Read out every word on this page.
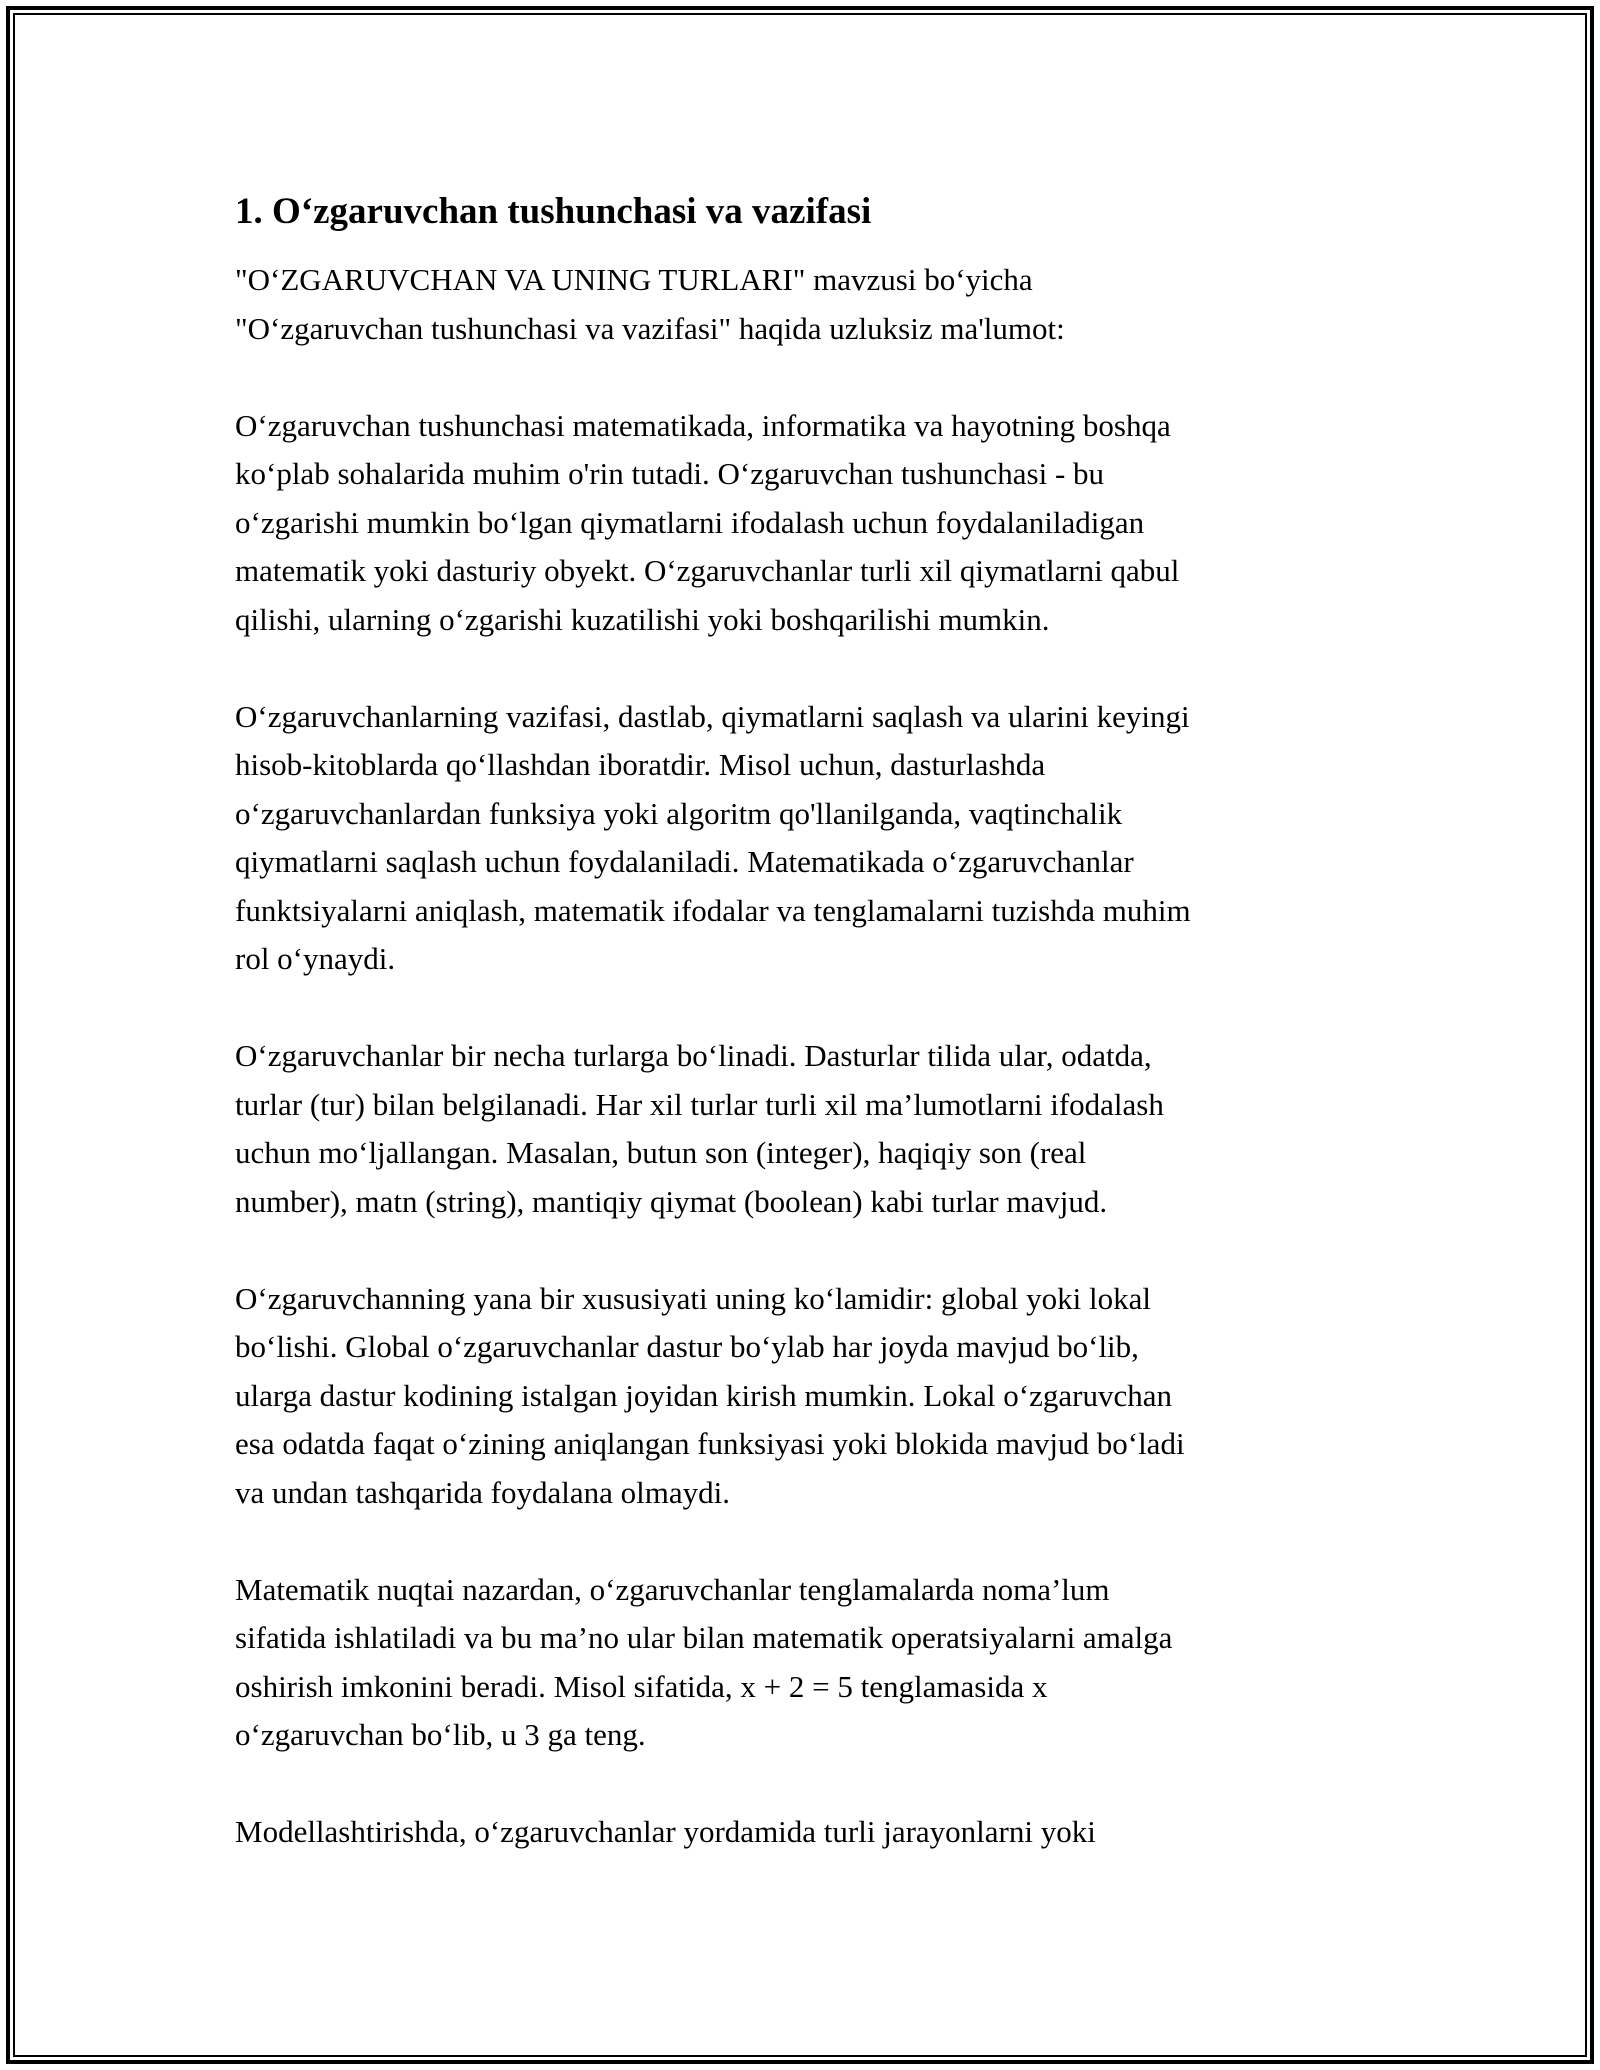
1. O‘zgaruvchan tushunchasi va vazifasi
"O‘ZGARUVCHAN VA UNING TURLARI" mavzusi bo‘yicha
"O‘zgaruvchan tushunchasi va vazifasi" haqida uzluksiz ma'lumot:
O‘zgaruvchan tushunchasi matematikada, informatika va hayotning boshqa
ko‘plab sohalarida muhim o'rin tutadi. O‘zgaruvchan tushunchasi - bu
o‘zgarishi mumkin bo‘lgan qiymatlarni ifodalash uchun foydalaniladigan
matematik yoki dasturiy obyekt. O‘zgaruvchanlar turli xil qiymatlarni qabul
qilishi, ularning o‘zgarishi kuzatilishi yoki boshqarilishi mumkin.
O‘zgaruvchanlarning vazifasi, dastlab, qiymatlarni saqlash va ularini keyingi
hisob-kitoblarda qo‘llashdan iboratdir. Misol uchun, dasturlashda
o‘zgaruvchanlardan funksiya yoki algoritm qo'llanilganda, vaqtinchalik
qiymatlarni saqlash uchun foydalaniladi. Matematikada o‘zgaruvchanlar
funktsiyalarni aniqlash, matematik ifodalar va tenglamalarni tuzishda muhim
rol o‘ynaydi.
O‘zgaruvchanlar bir necha turlarga bo‘linadi. Dasturlar tilida ular, odatda,
turlar (tur) bilan belgilanadi. Har xil turlar turli xil ma’lumotlarni ifodalash
uchun mo‘ljallangan. Masalan, butun son (integer), haqiqiy son (real
number), matn (string), mantiqiy qiymat (boolean) kabi turlar mavjud.
O‘zgaruvchanning yana bir xususiyati uning ko‘lamidir: global yoki lokal
bo‘lishi. Global o‘zgaruvchanlar dastur bo‘ylab har joyda mavjud bo‘lib,
ularga dastur kodining istalgan joyidan kirish mumkin. Lokal o‘zgaruvchan
esa odatda faqat o‘zining aniqlangan funksiyasi yoki blokida mavjud bo‘ladi
va undan tashqarida foydalana olmaydi.
Matematik nuqtai nazardan, o‘zgaruvchanlar tenglamalarda noma’lum
sifatida ishlatiladi va bu ma’no ular bilan matematik operatsiyalarni amalga
oshirish imkonini beradi. Misol sifatida, x + 2 = 5 tenglamasida x
o‘zgaruvchan bo‘lib, u 3 ga teng.
Modellashtirishda, o‘zgaruvchanlar yordamida turli jarayonlarni yoki
